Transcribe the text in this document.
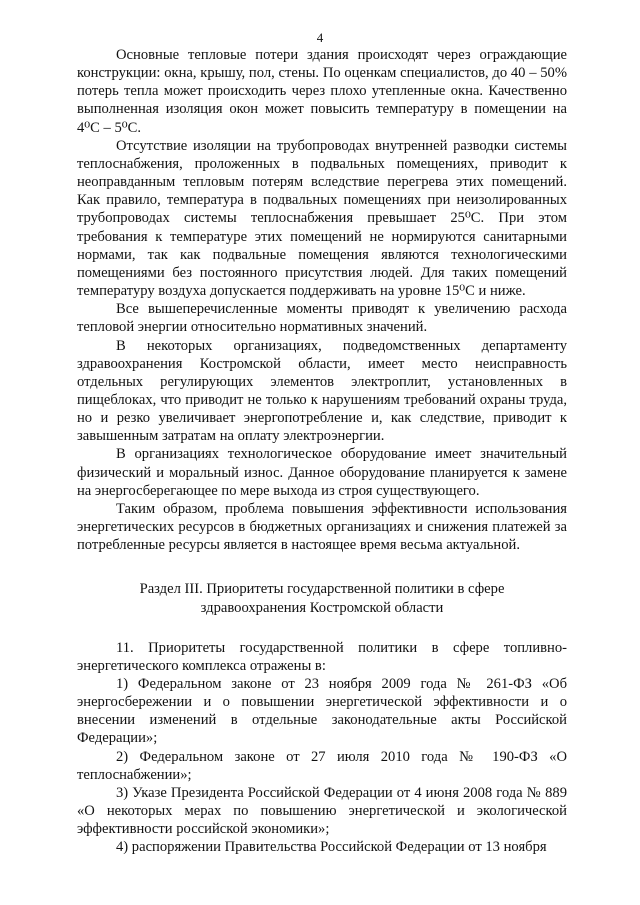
4

Основные тепловые потери здания происходят через ограждающие конструкции: окна, крышу, пол, стены. По оценкам специалистов, до 40 – 50% потерь тепла может происходить через плохо утепленные окна. Качественно выполненная изоляция окон может повысить температуру в помещении на 4⁰С – 5⁰С.

Отсутствие изоляции на трубопроводах внутренней разводки системы теплоснабжения, проложенных в подвальных помещениях, приводит к неоправданным тепловым потерям вследствие перегрева этих помещений. Как правило, температура в подвальных помещениях при неизолированных трубопроводах системы теплоснабжения превышает 25⁰С. При этом требования к температуре этих помещений не нормируются санитарными нормами, так как подвальные помещения являются технологическими помещениями без постоянного присутствия людей. Для таких помещений температуру воздуха допускается поддерживать на уровне 15⁰С и ниже.

Все вышеперечисленные моменты приводят к увеличению расхода тепловой энергии относительно нормативных значений.

В некоторых организациях, подведомственных департаменту здравоохранения Костромской области, имеет место неисправность отдельных регулирующих элементов электроплит, установленных в пищеблоках, что приводит не только к нарушениям требований охраны труда, но и резко увеличивает энергопотребление и, как следствие, приводит к завышенным затратам на оплату электроэнергии.

В организациях технологическое оборудование имеет значительный физический и моральный износ. Данное оборудование планируется к замене на энергосберегающее по мере выхода из строя существующего.

Таким образом, проблема повышения эффективности использования энергетических ресурсов в бюджетных организациях и снижения платежей за потребленные ресурсы является в настоящее время весьма актуальной.

Раздел III. Приоритеты государственной политики в сфере
здравоохранения Костромской области

11. Приоритеты государственной политики в сфере топливно-энергетического комплекса отражены в:

1) Федеральном законе от 23 ноября 2009 года № 261-ФЗ «Об энергосбережении и о повышении энергетической эффективности и о внесении изменений в отдельные законодательные акты Российской Федерации»;

2) Федеральном законе от 27 июля 2010 года № 190-ФЗ «О теплоснабжении»;

3) Указе Президента Российской Федерации от 4 июня 2008 года № 889 «О некоторых мерах по повышению энергетической и экологической эффективности российской экономики»;

4) распоряжении Правительства Российской Федерации от 13 ноября
